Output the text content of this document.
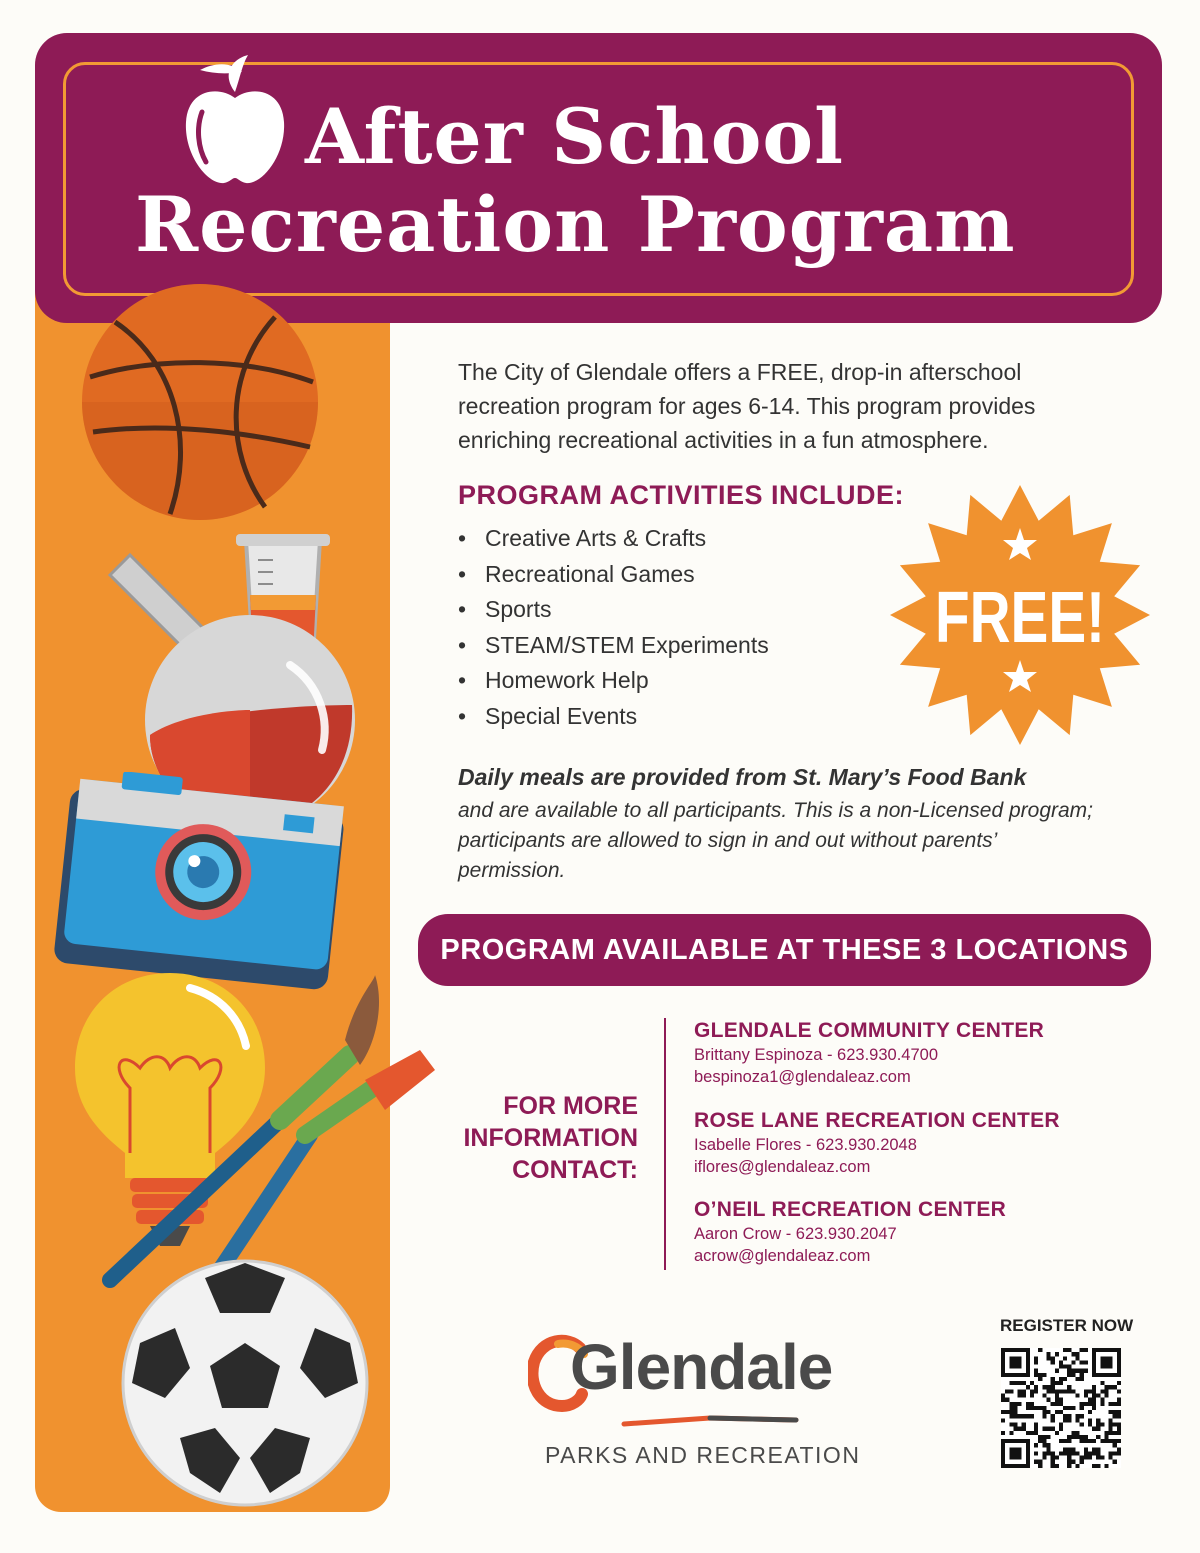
After School
Recreation Program
The City of Glendale offers a FREE, drop-in afterschool recreation program for ages 6-14. This program provides enriching recreational activities in a fun atmosphere.
PROGRAM ACTIVITIES INCLUDE:
• Creative Arts & Crafts
• Recreational Games
• Sports
• STEAM/STEM Experiments
• Homework Help
• Special Events
FREE!
Daily meals are provided from St. Mary’s Food Bank
and are available to all participants. This is a non-Licensed program; participants are allowed to sign in and out without parents’ permission.
PROGRAM AVAILABLE AT THESE 3 LOCATIONS
FOR MORE
INFORMATION
CONTACT:
GLENDALE COMMUNITY CENTER
Brittany Espinoza - 623.930.4700
bespinoza1@glendaleaz.com
ROSE LANE RECREATION CENTER
Isabelle Flores - 623.930.2048
iflores@glendaleaz.com
O’NEIL RECREATION CENTER
Aaron Crow - 623.930.2047
acrow@glendaleaz.com
Glendale
PARKS AND RECREATION
REGISTER NOW
